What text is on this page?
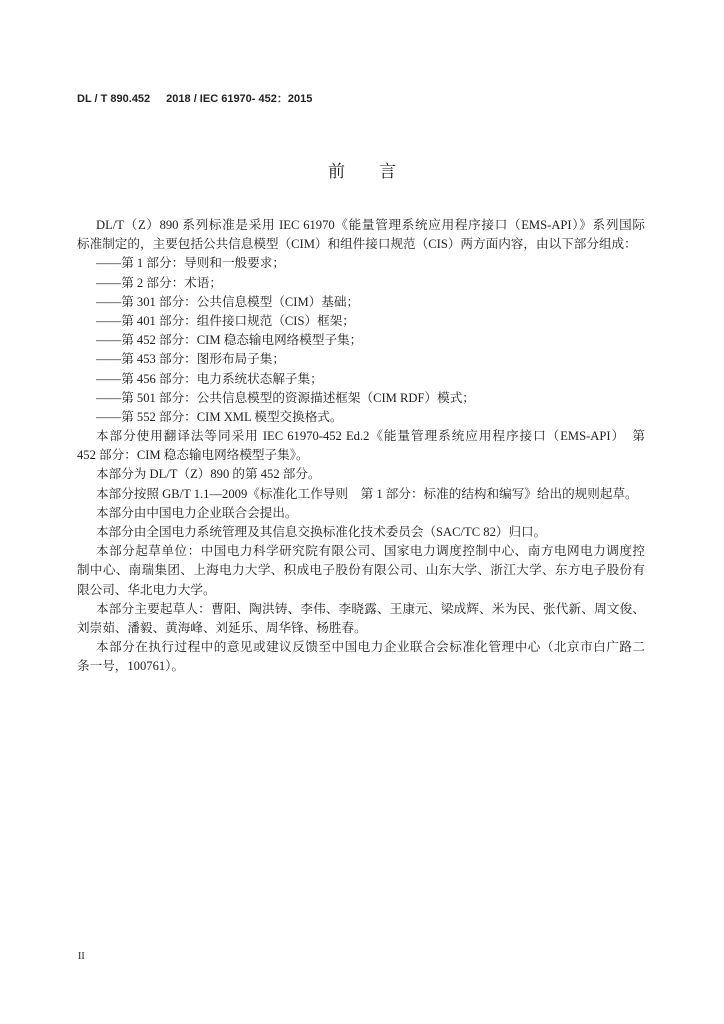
DL / T 890.452 2018 / IEC 61970- 452：2015
前　　言
DL/T（Z）890 系列标准是采用 IEC 61970《能量管理系统应用程序接口（EMS-API）》系列国际
标准制定的，主要包括公共信息模型（CIM）和组件接口规范（CIS）两方面内容，由以下部分组成：
——第 1 部分：导则和一般要求；
——第 2 部分：术语；
——第 301 部分：公共信息模型（CIM）基础；
——第 401 部分：组件接口规范（CIS）框架；
——第 452 部分：CIM 稳态输电网络模型子集；
——第 453 部分：图形布局子集；
——第 456 部分：电力系统状态解子集；
——第 501 部分：公共信息模型的资源描述框架（CIM RDF）模式；
——第 552 部分：CIM XML 模型交换格式。
本部分使用翻译法等同采用 IEC 61970-452 Ed.2《能量管理系统应用程序接口（EMS-API）　第
452 部分：CIM 稳态输电网络模型子集》。
本部分为 DL/T（Z）890 的第 452 部分。
本部分按照 GB/T 1.1—2009《标准化工作导则　第 1 部分：标准的结构和编写》给出的规则起草。
本部分由中国电力企业联合会提出。
本部分由全国电力系统管理及其信息交换标准化技术委员会（SAC/TC 82）归口。
本部分起草单位：中国电力科学研究院有限公司、国家电力调度控制中心、南方电网电力调度控
制中心、南瑞集团、上海电力大学、积成电子股份有限公司、山东大学、浙江大学、东方电子股份有
限公司、华北电力大学。
本部分主要起草人：曹阳、陶洪铸、李伟、李晓露、王康元、梁成辉、米为民、张代新、周文俊、
刘崇茹、潘毅、黄海峰、刘延乐、周华锋、杨胜春。
本部分在执行过程中的意见或建议反馈至中国电力企业联合会标准化管理中心（北京市白广路二
条一号，100761）。
II
